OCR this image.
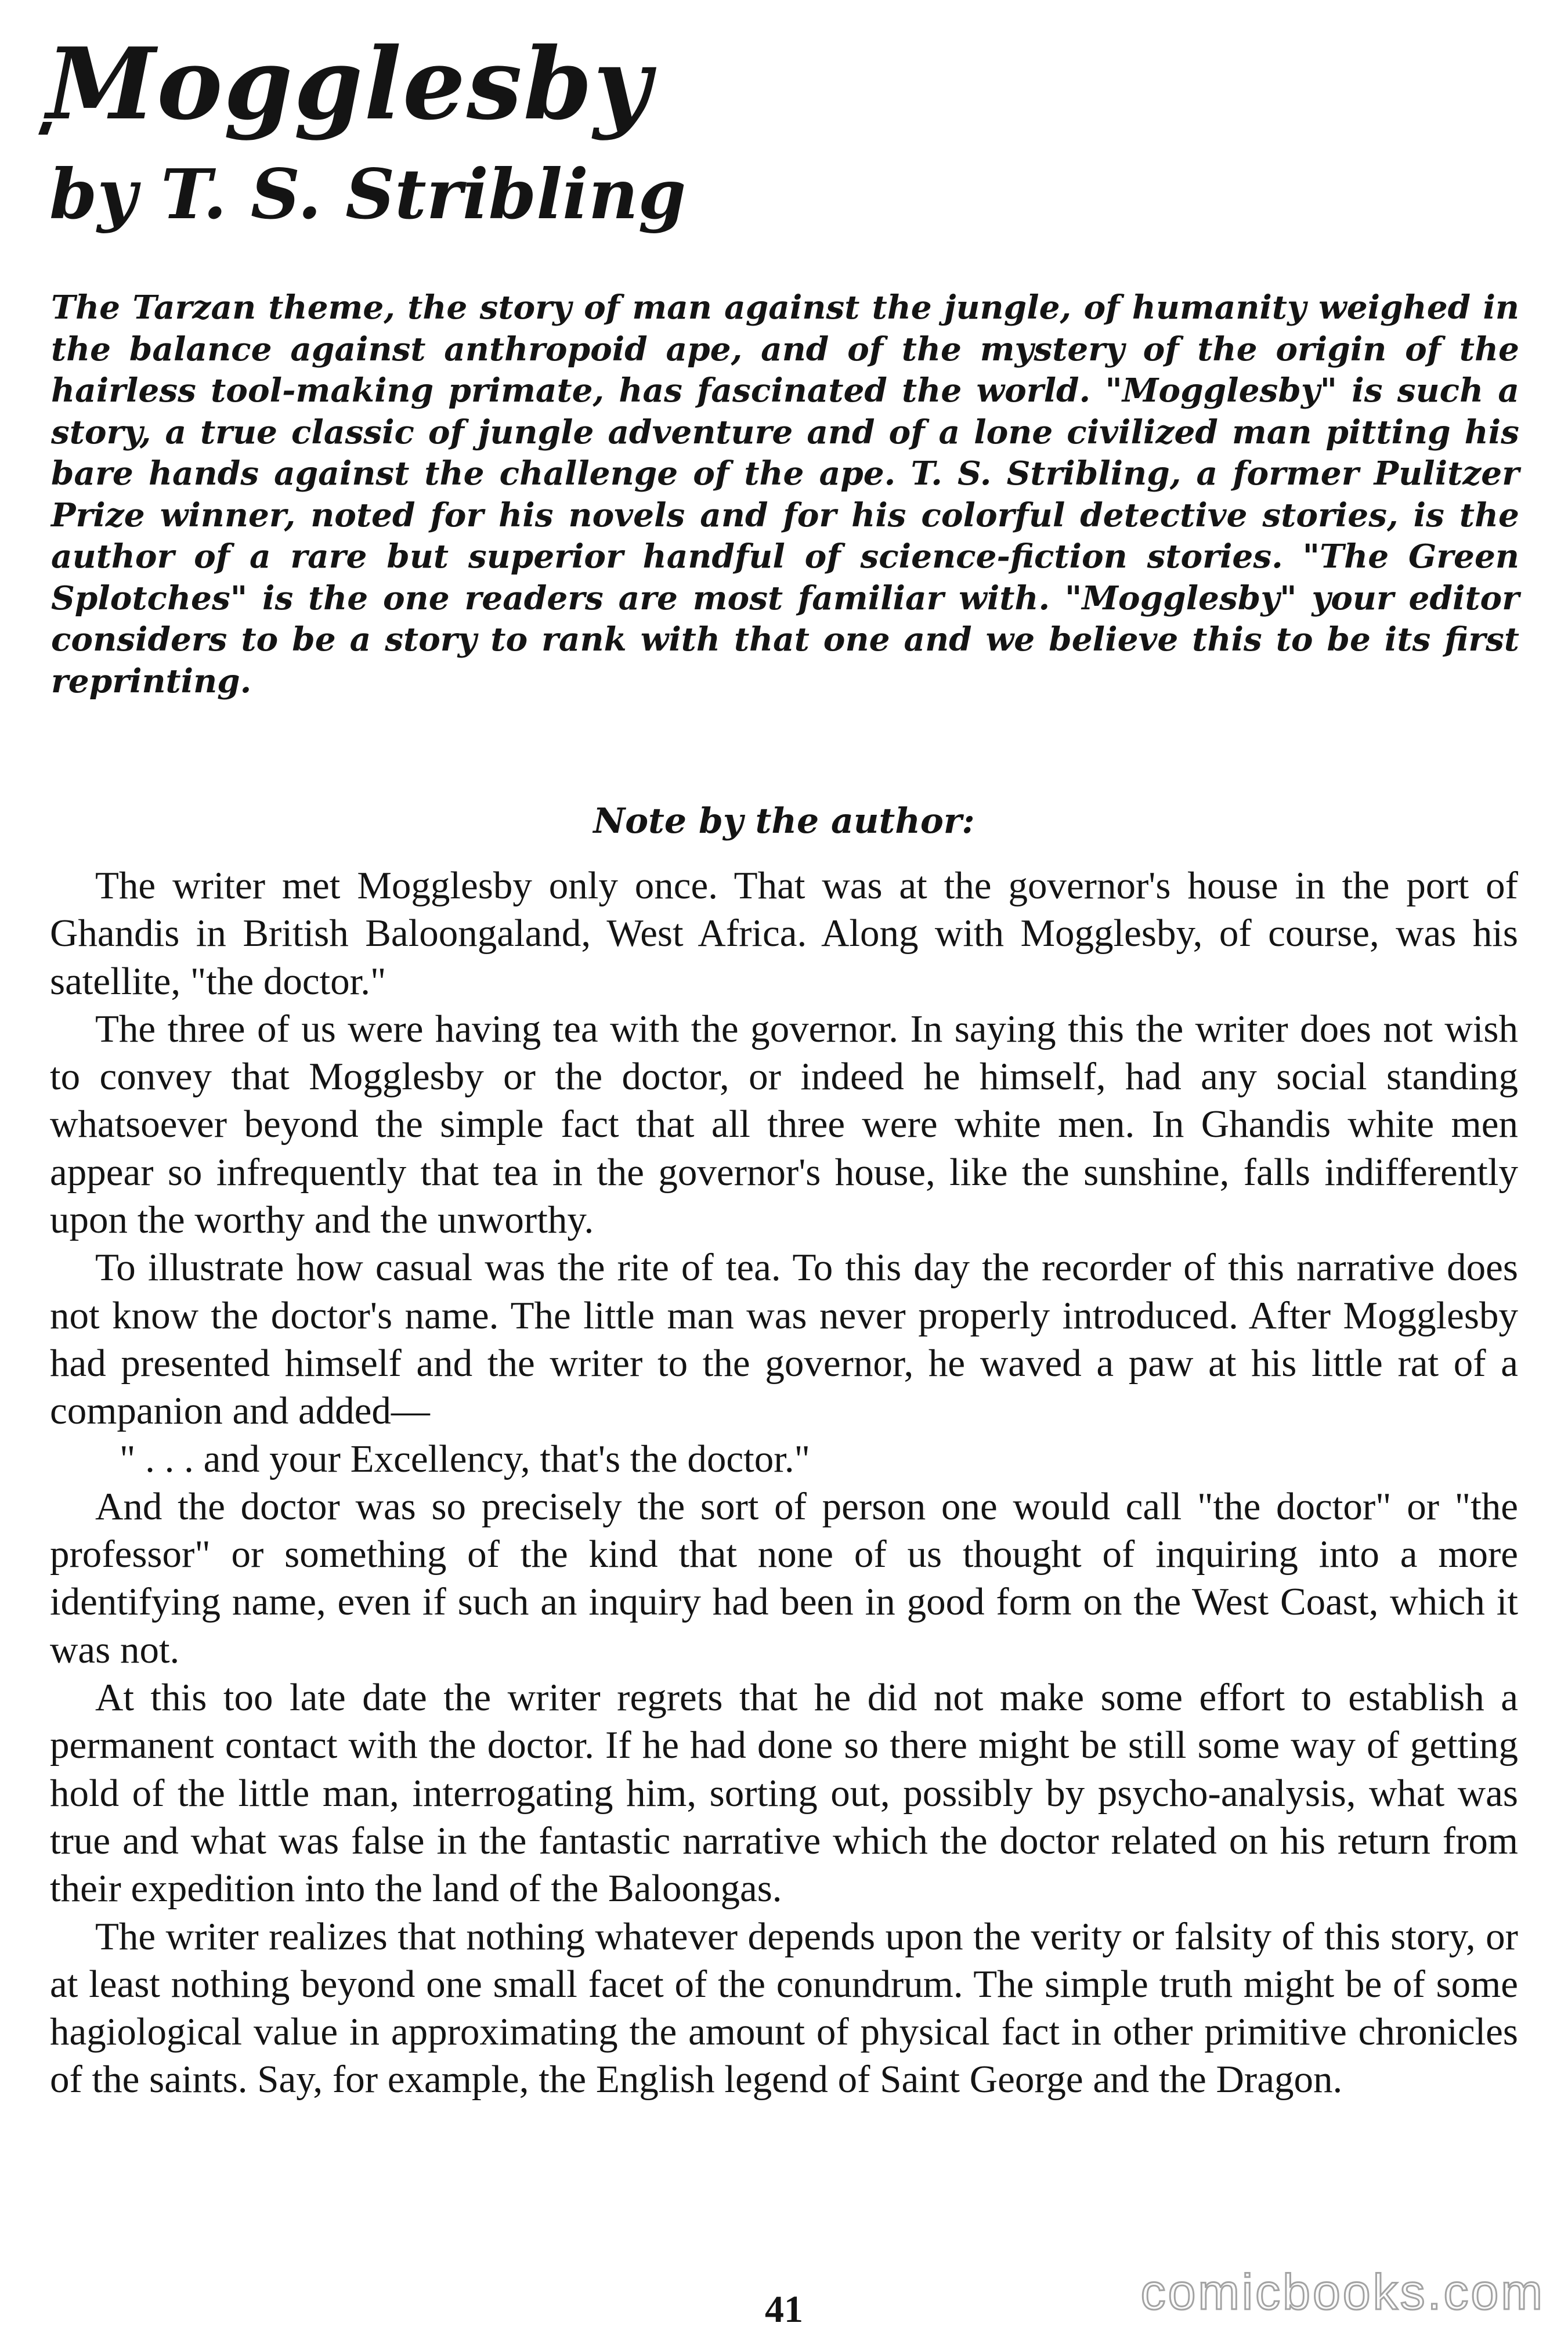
Mogglesby
by T. S. Stribling

The Tarzan theme, the story of man against the jungle, of humanity weighed in the balance against anthropoid ape, and of the mystery of the origin of the hairless tool-making primate, has fascinated the world. "Mogglesby" is such a story, a true classic of jungle adventure and of a lone civilized man pitting his bare hands against the challenge of the ape. T. S. Stribling, a former Pulitzer Prize winner, noted for his novels and for his colorful detective stories, is the author of a rare but superior handful of science-fiction stories. "The Green Splotches" is the one readers are most familiar with. "Mogglesby" your editor considers to be a story to rank with that one and we believe this to be its first reprinting.

Note by the author:

The writer met Mogglesby only once. That was at the governor's house in the port of Ghandis in British Baloongaland, West Africa. Along with Mogglesby, of course, was his satellite, "the doctor."

The three of us were having tea with the governor. In saying this the writer does not wish to convey that Mogglesby or the doctor, or indeed he himself, had any social standing whatsoever beyond the simple fact that all three were white men. In Ghandis white men appear so infrequently that tea in the governor's house, like the sunshine, falls indifferently upon the worthy and the unworthy.

To illustrate how casual was the rite of tea. To this day the recorder of this narrative does not know the doctor's name. The little man was never properly introduced. After Mogglesby had presented himself and the writer to the governor, he waved a paw at his little rat of a companion and added—

" . . . and your Excellency, that's the doctor."

And the doctor was so precisely the sort of person one would call "the doctor" or "the professor" or something of the kind that none of us thought of inquiring into a more identifying name, even if such an inquiry had been in good form on the West Coast, which it was not.

At this too late date the writer regrets that he did not make some effort to establish a permanent contact with the doctor. If he had done so there might be still some way of getting hold of the little man, interrogating him, sorting out, possibly by psycho-analysis, what was true and what was false in the fantastic narrative which the doctor related on his return from their expedition into the land of the Baloongas.

The writer realizes that nothing whatever depends upon the verity or falsity of this story, or at least nothing beyond one small facet of the conundrum. The simple truth might be of some hagiological value in approximating the amount of physical fact in other primitive chronicles of the saints. Say, for example, the English legend of Saint George and the Dragon.

41	comicbooks.com
